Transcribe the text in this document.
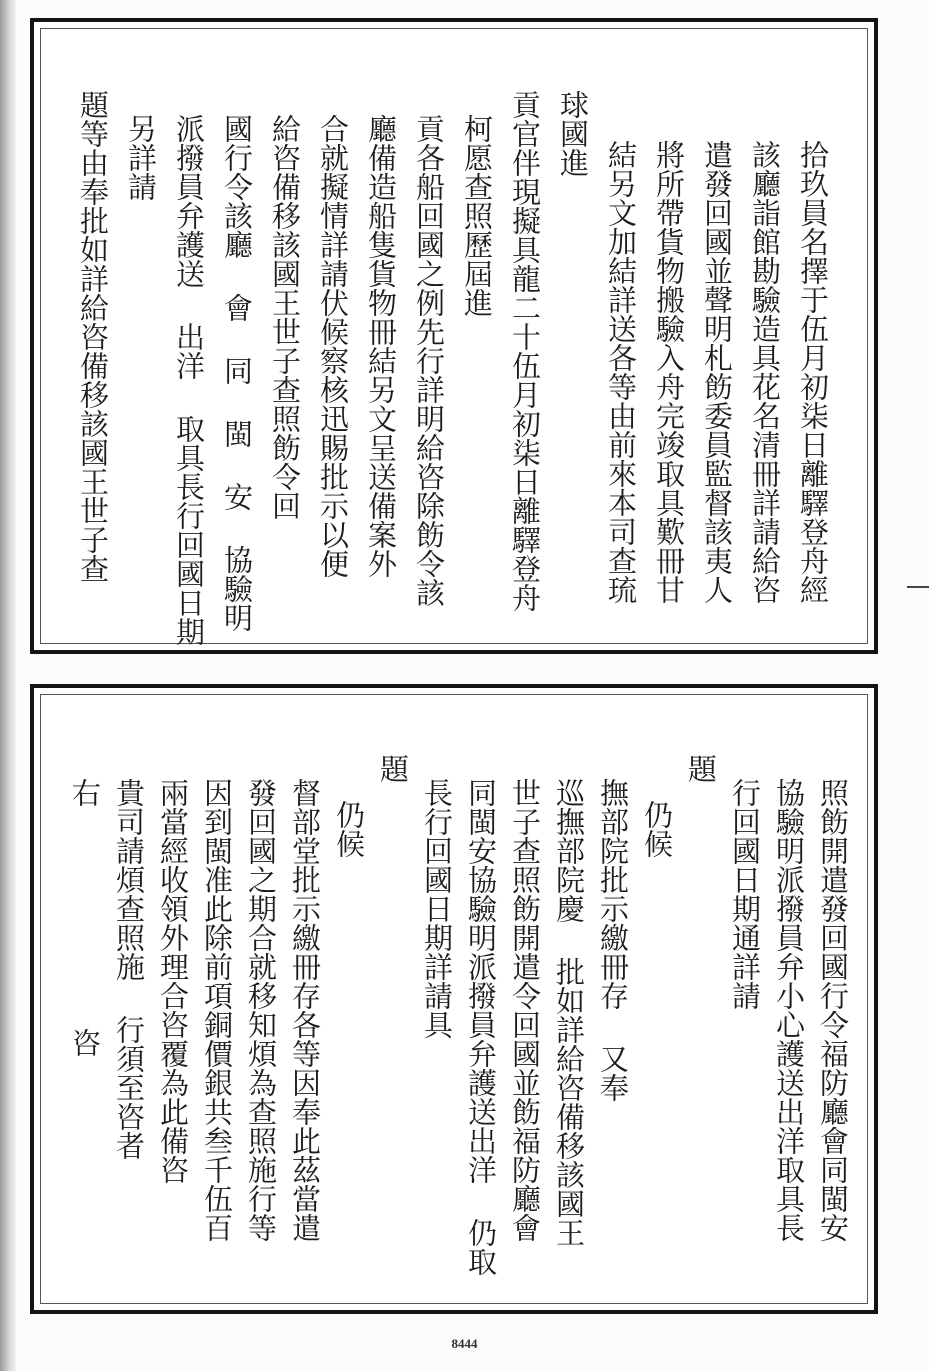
拾玖員名擇于伍月初柒日離驛登舟經
該廳詣館勘驗造具花名清冊詳請給咨
遣發回國並聲明札飭委員監督該夷人
將所帶貨物搬驗入舟完竣取具歎冊甘
結另文加結詳送各等由前來本司查琉
球國進
貢官伴現擬具龍二十伍月初柒日離驛登舟
柯愿查照歷屆進
貢各船回國之例先行詳明給咨除飭令該
廳備造船隻貨物冊結另文呈送備案外
合就擬情詳請伏候察核迅賜批示以便
給咨備移該國王世子查照飭令回
國行令該廳 會 同 閩 安 協驗明
派撥員弁護送 出洋 取具長行回國日期
另詳請
題等由奉批如詳給咨備移該國王世子查
照飭開遣發回國行令福防廳會同閩安
協驗明派撥員弁小心護送出洋取具長
行回國日期通詳請
題
仍候
撫部院批示繳冊存 又奉
巡撫部院慶 批如詳給咨備移該國王
世子查照飭開遣令回國並飭福防廳會
同閩安協驗明派撥員弁護送出洋 仍取
長行回國日期詳請具
題
仍候
督部堂批示繳冊存各等因奉此茲當遣
發回國之期合就移知煩為查照施行等
因到閩准此除前項銅價銀共叁千伍百
兩當經收領外理合咨覆為此備咨
貴司請煩查照施 行須至咨者
右
咨
8444
